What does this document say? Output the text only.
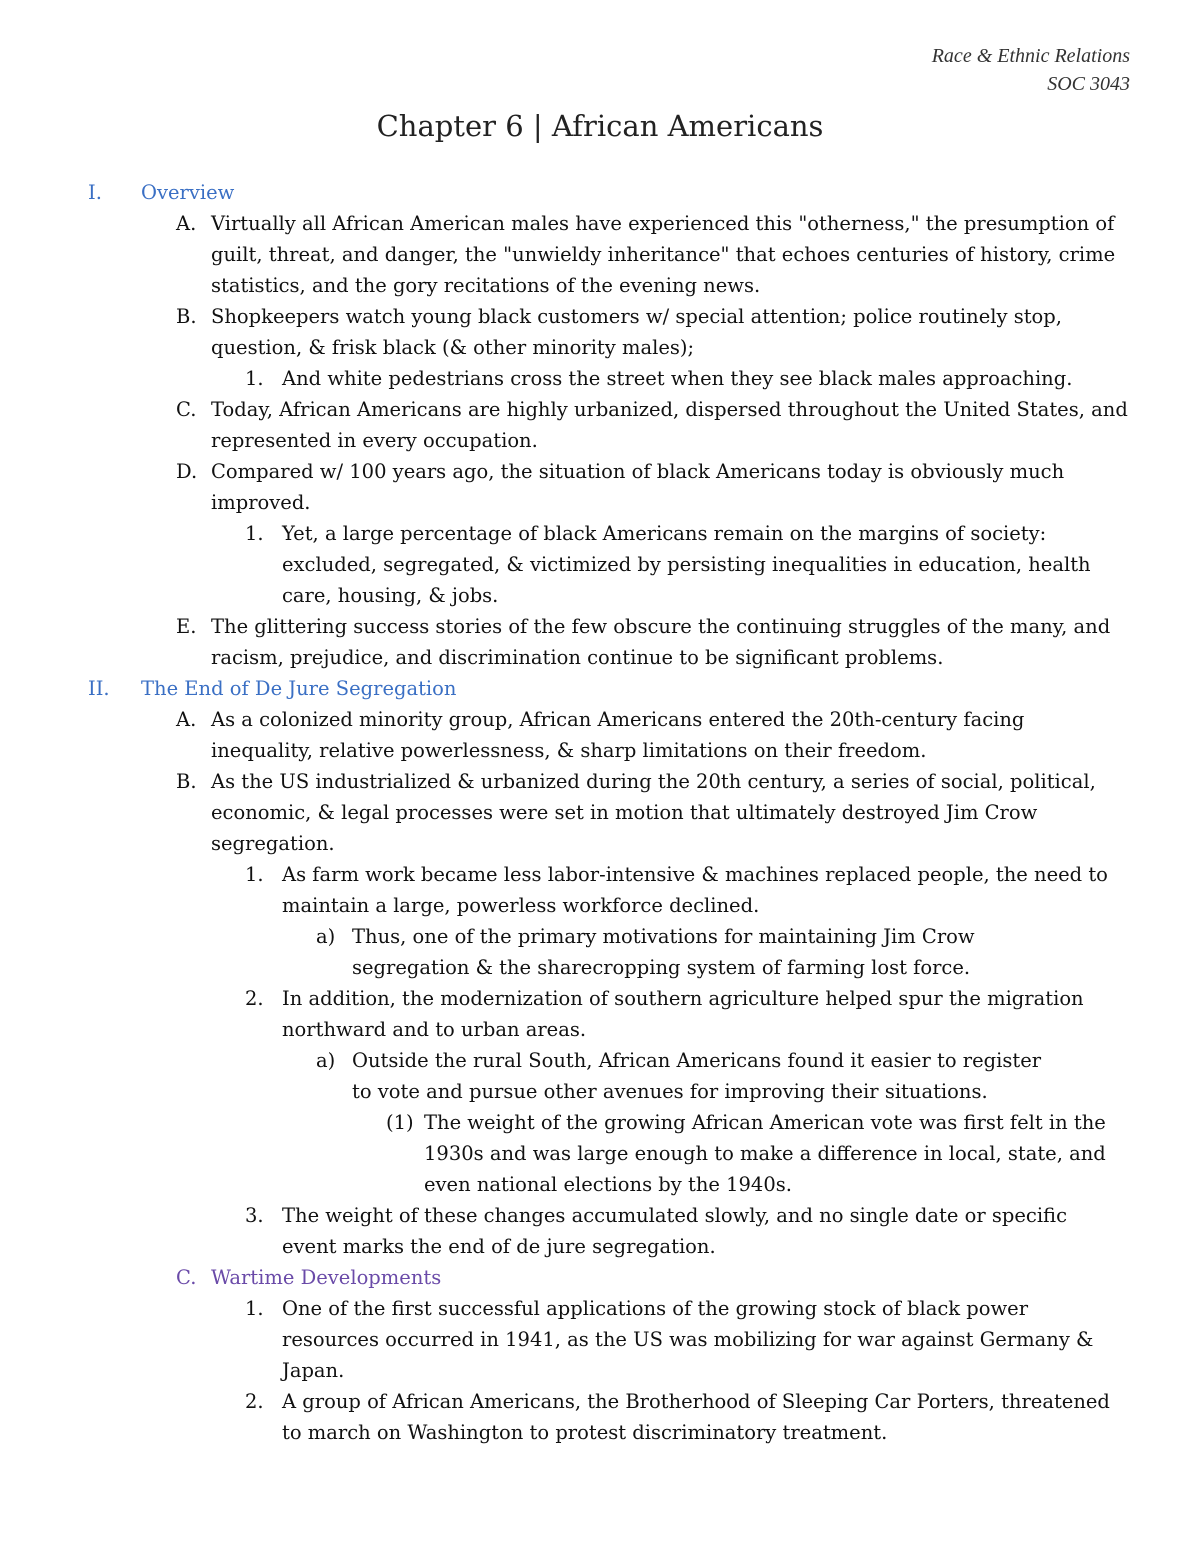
Race & Ethnic Relations
SOC 3043
Chapter 6 | African Americans
I. Overview
A. Virtually all African American males have experienced this "otherness," the presumption of guilt, threat, and danger, the "unwieldy inheritance" that echoes centuries of history, crime statistics, and the gory recitations of the evening news.
B. Shopkeepers watch young black customers w/ special attention; police routinely stop, question, & frisk black (& other minority males);
1. And white pedestrians cross the street when they see black males approaching.
C. Today, African Americans are highly urbanized, dispersed throughout the United States, and represented in every occupation.
D. Compared w/ 100 years ago, the situation of black Americans today is obviously much improved.
1. Yet, a large percentage of black Americans remain on the margins of society: excluded, segregated, & victimized by persisting inequalities in education, health care, housing, & jobs.
E. The glittering success stories of the few obscure the continuing struggles of the many, and racism, prejudice, and discrimination continue to be significant problems.
II. The End of De Jure Segregation
A. As a colonized minority group, African Americans entered the 20th-century facing inequality, relative powerlessness, & sharp limitations on their freedom.
B. As the US industrialized & urbanized during the 20th century, a series of social, political, economic, & legal processes were set in motion that ultimately destroyed Jim Crow segregation.
1. As farm work became less labor-intensive & machines replaced people, the need to maintain a large, powerless workforce declined.
a) Thus, one of the primary motivations for maintaining Jim Crow segregation & the sharecropping system of farming lost force.
2. In addition, the modernization of southern agriculture helped spur the migration northward and to urban areas.
a) Outside the rural South, African Americans found it easier to register to vote and pursue other avenues for improving their situations.
(1) The weight of the growing African American vote was first felt in the 1930s and was large enough to make a difference in local, state, and even national elections by the 1940s.
3. The weight of these changes accumulated slowly, and no single date or specific event marks the end of de jure segregation.
C. Wartime Developments
1. One of the first successful applications of the growing stock of black power resources occurred in 1941, as the US was mobilizing for war against Germany & Japan.
2. A group of African Americans, the Brotherhood of Sleeping Car Porters, threatened to march on Washington to protest discriminatory treatment.
